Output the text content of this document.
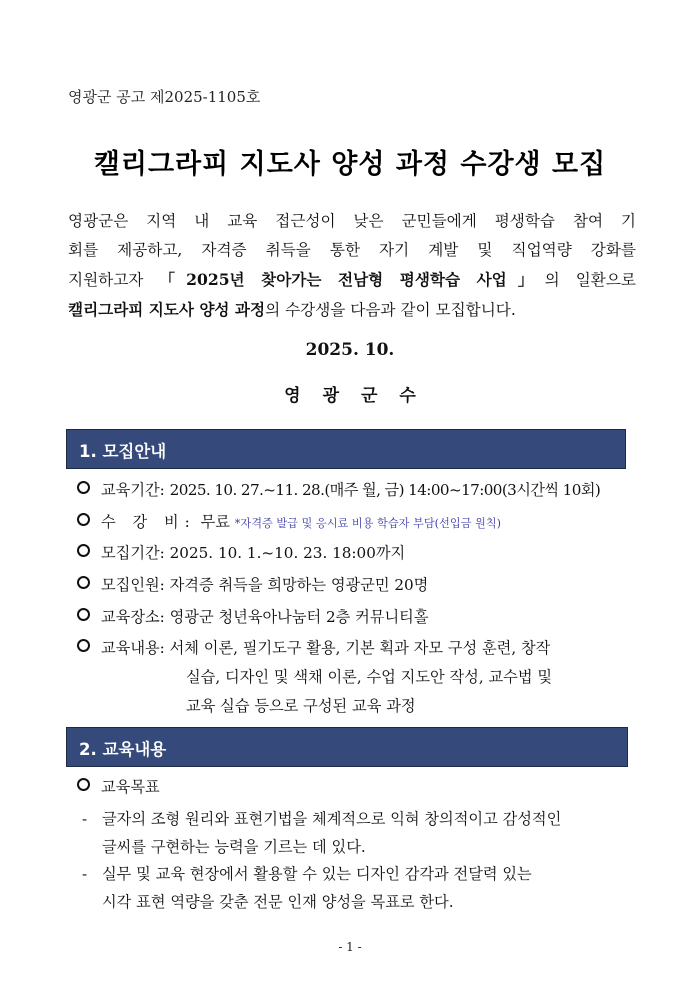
영광군 공고 제2025-1105호
캘리그라피 지도사 양성 과정 수강생 모집
영광군은 지역 내 교육 접근성이 낮은 군민들에게 평생학습 참여 기
회를 제공하고, 자격증 취득을 통한 자기 계발 및 직업역량 강화를
지원하고자 「2025년 찾아가는 전남형 평생학습 사업」의 일환으로
캘리그라피 지도사 양성 과정의 수강생을 다음과 같이 모집합니다.
2025. 10.
영광군수
1. 모집안내
교육기간: 2025. 10. 27.~11. 28.(매주 월, 금) 14:00~17:00(3시간씩 10회)
수 강 비: 무료 *자격증 발급 및 응시료 비용 학습자 부담(선입금 원칙)
모집기간: 2025. 10. 1.~10. 23. 18:00까지
모집인원: 자격증 취득을 희망하는 영광군민 20명
교육장소: 영광군 청년육아나눔터 2층 커뮤니티홀
교육내용: 서체 이론, 필기도구 활용, 기본 획과 자모 구성 훈련, 창작
실습, 디자인 및 색채 이론, 수업 지도안 작성, 교수법 및
교육 실습 등으로 구성된 교육 과정
2. 교육내용
교육목표
- 글자의 조형 원리와 표현기법을 체계적으로 익혀 창의적이고 감성적인
글씨를 구현하는 능력을 기르는 데 있다.
- 실무 및 교육 현장에서 활용할 수 있는 디자인 감각과 전달력 있는
시각 표현 역량을 갖춘 전문 인재 양성을 목표로 한다.
- 1 -
